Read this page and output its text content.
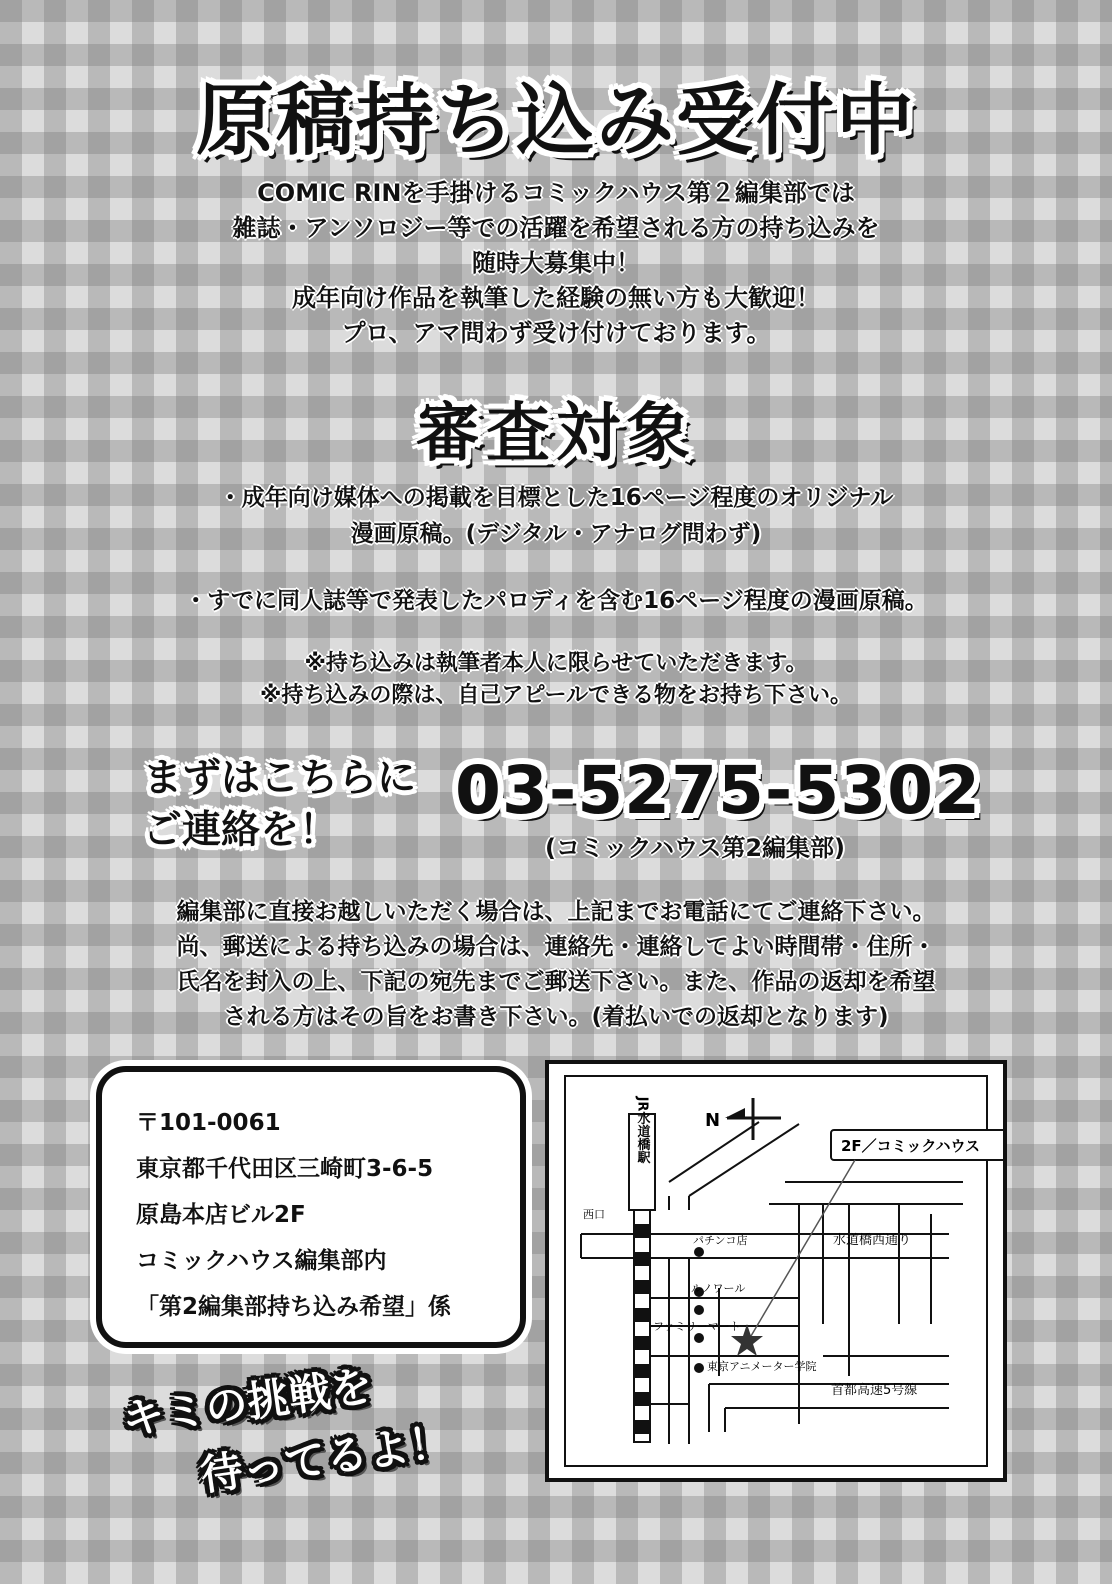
原稿持ち込み受付中
COMIC RINを手掛けるコミックハウス第２編集部では
雑誌・アンソロジー等での活躍を希望される方の持ち込みを
随時大募集中！
成年向け作品を執筆した経験の無い方も大歓迎！
プロ、アマ問わず受け付けております。
審査対象
・成年向け媒体への掲載を目標とした16ページ程度のオリジナル
漫画原稿。(デジタル・アナログ問わず)
・すでに同人誌等で発表したパロディを含む16ページ程度の漫画原稿。
※持ち込みは執筆者本人に限らせていただきます。
※持ち込みの際は、自己アピールできる物をお持ち下さい。
まずはこちらに
ご連絡を！
03-5275-5302
(コミックハウス第2編集部)
編集部に直接お越しいただく場合は、上記までお電話にてご連絡下さい。
尚、郵送による持ち込みの場合は、連絡先・連絡してよい時間帯・住所・
氏名を封入の上、下記の宛先までご郵送下さい。また、作品の返却を希望
される方はその旨をお書き下さい。(着払いでの返却となります)
〒101-0061
東京都千代田区三崎町3-6-5
原島本店ビル2F
コミックハウス編集部内
「第2編集部持ち込み希望」係
N
JR水道橋駅
西口
パチンコ店
ルノワール
ファミリーマート
東京アニメーター学院
水道橋西通り
首都高速5号線
2F／コミックハウス
キミの挑戦を
待ってるよ！
